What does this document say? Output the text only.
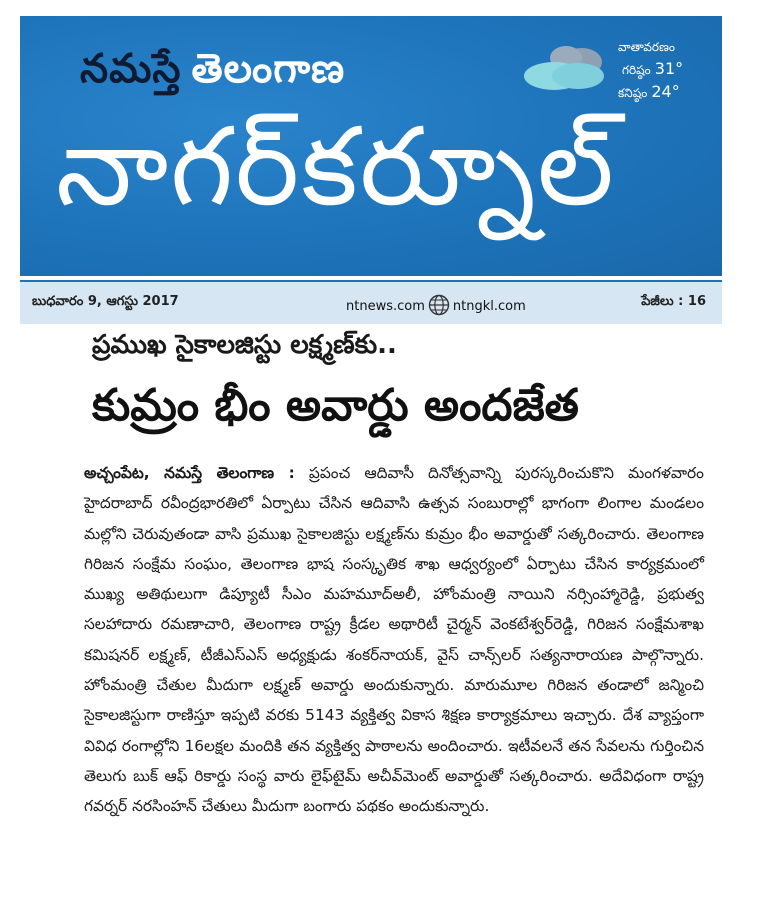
నమస్తే తెలంగాణ	వాతావరణం
గరిష్ఠం 31°
కనిష్ఠం 24°
నాగర్‌కర్నూల్
బుధవారం 9, ఆగస్టు 2017	ntnews.com ntngkl.com	పేజీలు : 16
ప్రముఖ సైకాలజిస్టు లక్ష్మణ్‌కు..
కుమ్రం భీం అవార్డు అందజేత

అచ్చంపేట, నమస్తే తెలంగాణ : ప్రపంచ ఆదివాసీ దినోత్సవాన్ని పురస్కరించుకొని మంగళవారం హైదరాబాద్ రవీంద్రభారతిలో ఏర్పాటు చేసిన ఆదివాసి ఉత్సవ సంబురాల్లో భాగంగా లింగాల మండలం మల్లోని చెరువుతండా వాసి ప్రముఖ సైకాలజిస్టు లక్ష్మణ్‌ను కుమ్రం భీం అవార్డుతో సత్కరించారు. తెలంగాణ గిరిజన సంక్షేమ సంఘం, తెలంగాణ భాష సంస్కృతిక శాఖ ఆధ్వర్యంలో ఏర్పాటు చేసిన కార్యక్రమంలో ముఖ్య అతిథులుగా డిప్యూటీ సీఎం మహమూద్‌అలీ, హోంమంత్రి నాయిని నర్సింహ్మారెడ్డి, ప్రభుత్వ సలహాదారు రమణాచారి, తెలంగాణ రాష్ట్ర క్రీడల అథారిటీ చైర్మన్ వెంకటేశ్వర్‌రెడ్డి, గిరిజన సంక్షేమశాఖ కమిషనర్ లక్ష్మణ్, టీజీఎస్‌ఎస్ అధ్యక్షుడు శంకర్‌నాయక్, వైస్ చాన్స్‌లర్ సత్యనారాయణ పాల్గొన్నారు. హోంమంత్రి చేతుల మీదుగా లక్ష్మణ్ అవార్డు అందుకున్నారు. మారుమూల గిరిజన తండాలో జన్మించి సైకాలజిస్టుగా రాణిస్తూ ఇప్పటి వరకు 5143 వ్యక్తిత్వ వికాస శిక్షణ కార్యాక్రమాలు ఇచ్చారు. దేశ వ్యాప్తంగా వివిధ రంగాల్లోని 16లక్షల మందికి తన వ్యక్తిత్వ పాఠాలను అందించారు. ఇటీవలనే తన సేవలను గుర్తించిన తెలుగు బుక్ ఆఫ్ రికార్డు సంస్థ వారు లైఫ్‌టైమ్ అచీవ్‌మెంట్ అవార్డుతో సత్కరించారు. అదేవిధంగా రాష్ట్ర గవర్నర్ నరసింహన్ చేతులు మీదుగా బంగారు పథకం అందుకున్నారు.
